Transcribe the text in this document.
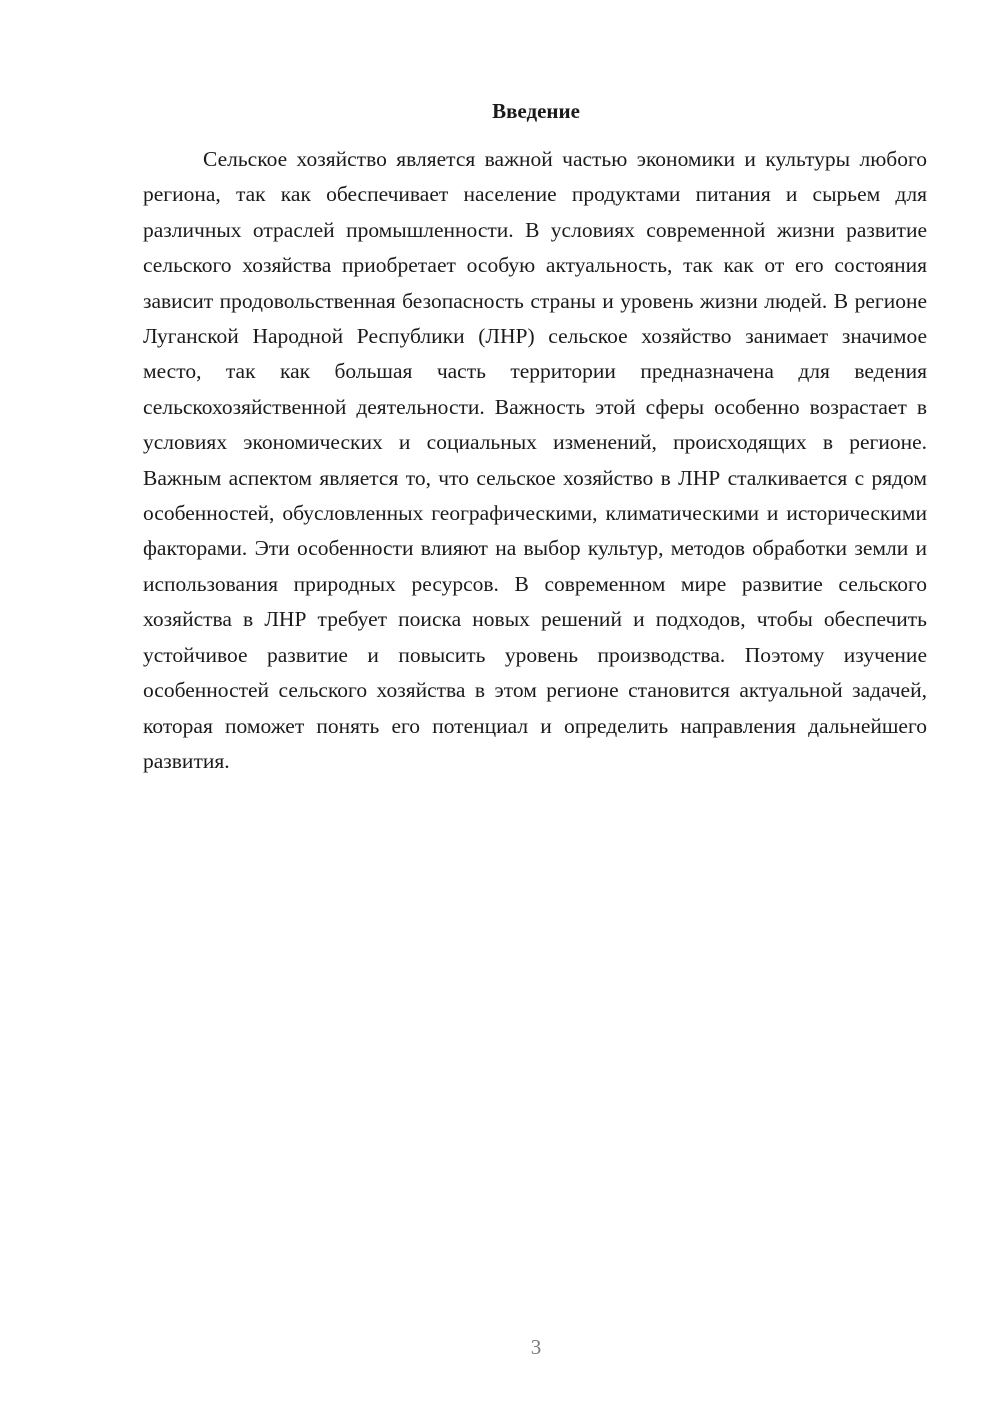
Введение

Сельское хозяйство является важной частью экономики и культуры любого региона, так как обеспечивает население продуктами питания и сырьем для различных отраслей промышленности. В условиях современной жизни развитие сельского хозяйства приобретает особую актуальность, так как от его состояния зависит продовольственная безопасность страны и уровень жизни людей. В регионе Луганской Народной Республики (ЛНР) сельское хозяйство занимает значимое место, так как большая часть территории предназначена для ведения сельскохозяйственной деятельности. Важность этой сферы особенно возрастает в условиях экономических и социальных изменений, происходящих в регионе. Важным аспектом является то, что сельское хозяйство в ЛНР сталкивается с рядом особенностей, обусловленных географическими, климатическими и историческими факторами. Эти особенности влияют на выбор культур, методов обработки земли и использования природных ресурсов. В современном мире развитие сельского хозяйства в ЛНР требует поиска новых решений и подходов, чтобы обеспечить устойчивое развитие и повысить уровень производства. Поэтому изучение особенностей сельского хозяйства в этом регионе становится актуальной задачей, которая поможет понять его потенциал и определить направления дальнейшего развития.

3
